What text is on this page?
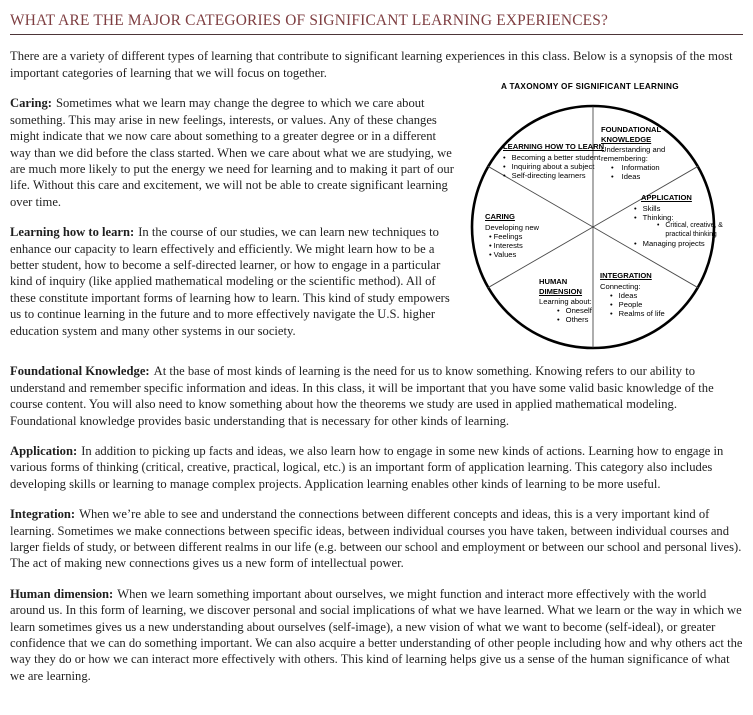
WHAT ARE THE MAJOR CATEGORIES OF SIGNIFICANT LEARNING EXPERIENCES?

There are a variety of different types of learning that contribute to significant learning experiences in this class. Below is a synopsis of the most important categories of learning that we will focus on together.

A TAXONOMY OF SIGNIFICANT LEARNING
LEARNING HOW TO LEARN
• Becoming a better student
• Inquiring about a subject
• Self-directing learners
FOUNDATIONAL
KNOWLEDGE
Understanding and remembering:
• Information
• Ideas
APPLICATION
• Skills
• Thinking:
• Critical, creative, & practical thinking
• Managing projects
CARING
Developing new
• Feelings
• Interests
• Values
HUMAN
DIMENSION
Learning about:
• Oneself
• Others
INTEGRATION
Connecting:
• Ideas
• People
• Realms of life

Caring: Sometimes what we learn may change the degree to which we care about something. This may arise in new feelings, interests, or values. Any of these changes might indicate that we now care about something to a greater degree or in a different way than we did before the class started. When we care about what we are studying, we are much more likely to put the energy we need for learning and to making it part of our life. Without this care and excitement, we will not be able to create significant learning over time.

Learning how to learn: In the course of our studies, we can learn new techniques to enhance our capacity to learn effectively and efficiently. We might learn how to be a better student, how to become a self-directed learner, or how to engage in a particular kind of inquiry (like applied mathematical modeling or the scientific method). All of these constitute important forms of learning how to learn. This kind of study empowers us to continue learning in the future and to more effectively navigate the U.S. higher education system and many other systems in our society.

Foundational Knowledge: At the base of most kinds of learning is the need for us to know something. Knowing refers to our ability to understand and remember specific information and ideas. In this class, it will be important that you have some valid basic knowledge of the course content. You will also need to know something about how the theorems we study are used in applied mathematical modeling. Foundational knowledge provides basic understanding that is necessary for other kinds of learning.

Application: In addition to picking up facts and ideas, we also learn how to engage in some new kinds of actions. Learning how to engage in various forms of thinking (critical, creative, practical, logical, etc.) is an important form of application learning. This category also includes developing skills or learning to manage complex projects. Application learning enables other kinds of learning to be more useful.

Integration: When we’re able to see and understand the connections between different concepts and ideas, this is a very important kind of learning. Sometimes we make connections between specific ideas, between individual courses you have taken, between individual courses and larger fields of study, or between different realms in our life (e.g. between our school and employment or between our school and personal lives). The act of making new connections gives us a new form of intellectual power.

Human dimension: When we learn something important about ourselves, we might function and interact more effectively with the world around us. In this form of learning, we discover personal and social implications of what we have learned. What we learn or the way in which we learn sometimes gives us a new understanding about ourselves (self-image), a new vision of what we want to become (self-ideal), or greater confidence that we can do something important. We can also acquire a better understanding of other people including how and why others act the way they do or how we can interact more effectively with others. This kind of learning helps give us a sense of the human significance of what we are learning.
